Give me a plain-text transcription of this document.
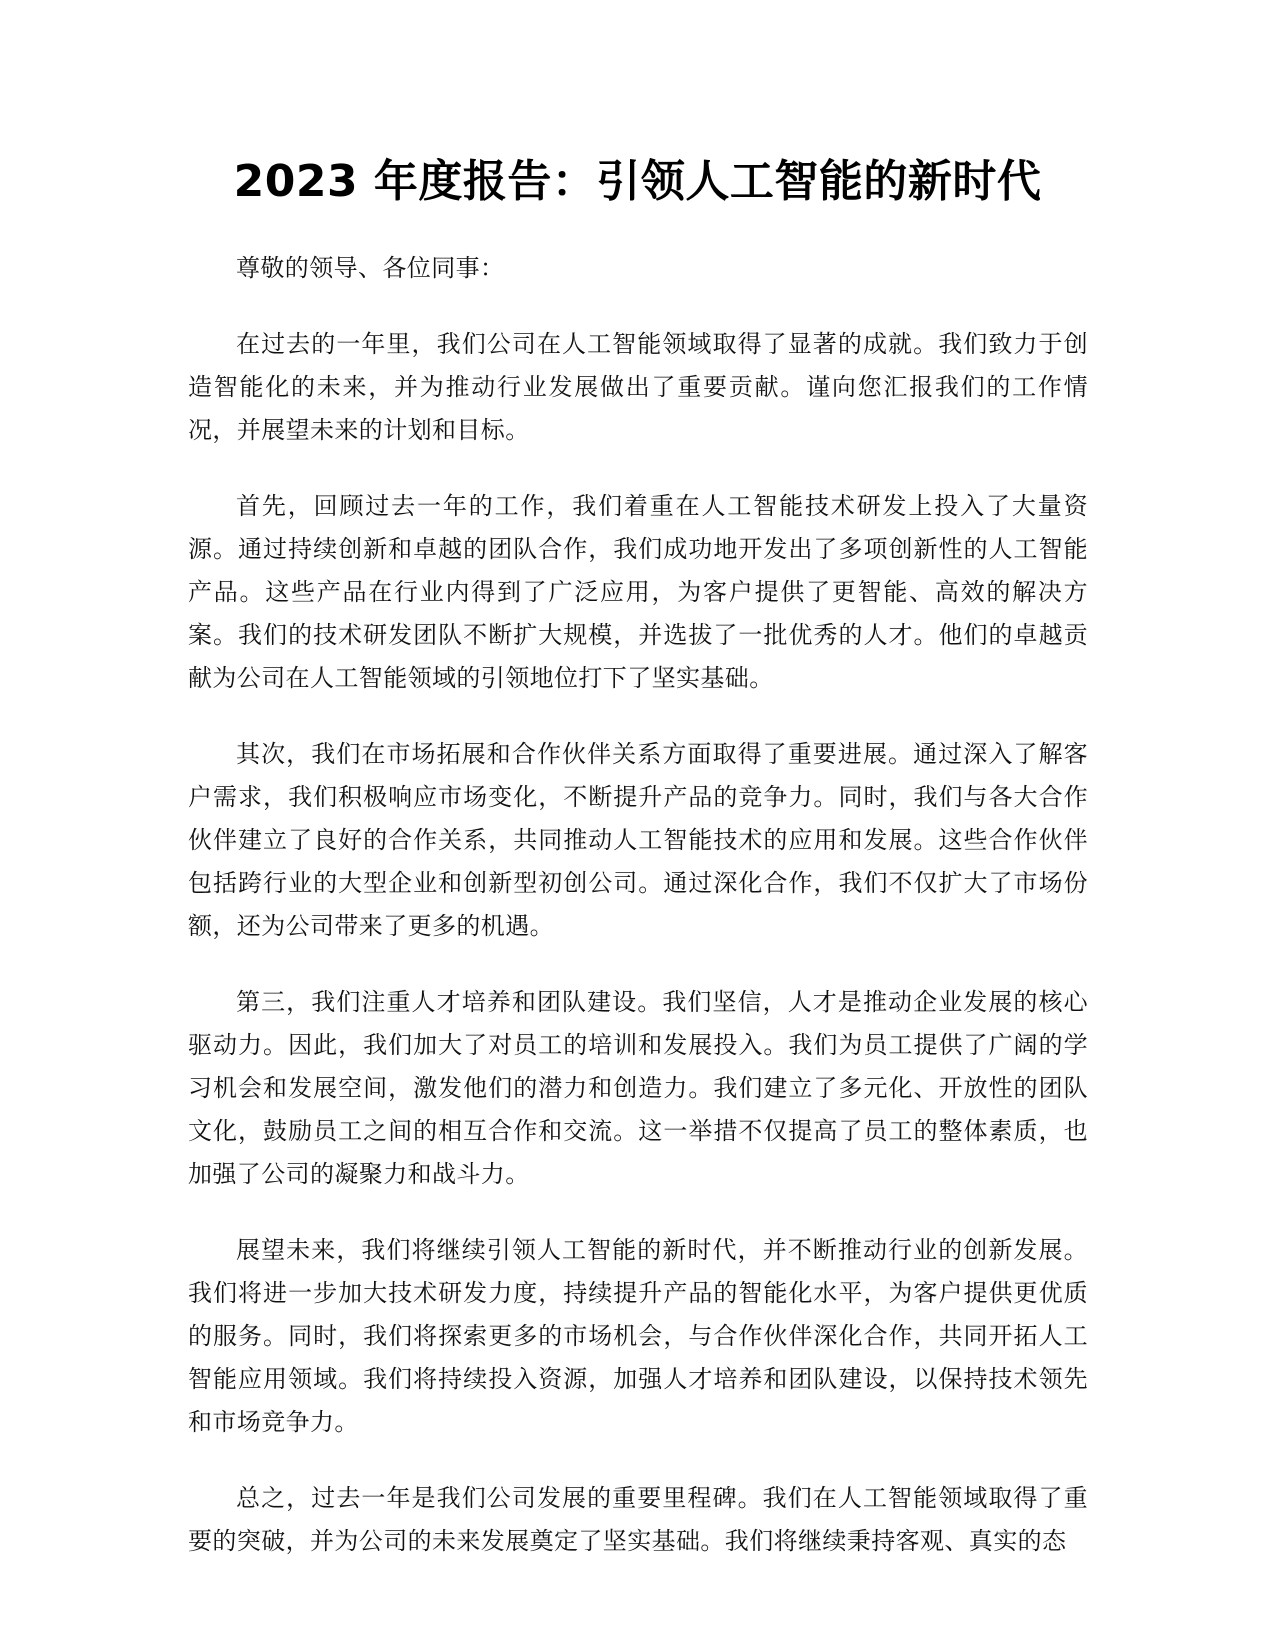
2023 年度报告：引领人工智能的新时代

尊敬的领导、各位同事：

在过去的一年里，我们公司在人工智能领域取得了显著的成就。我们致力于创造智能化的未来，并为推动行业发展做出了重要贡献。谨向您汇报我们的工作情况，并展望未来的计划和目标。

首先，回顾过去一年的工作，我们着重在人工智能技术研发上投入了大量资源。通过持续创新和卓越的团队合作，我们成功地开发出了多项创新性的人工智能产品。这些产品在行业内得到了广泛应用，为客户提供了更智能、高效的解决方案。我们的技术研发团队不断扩大规模，并选拔了一批优秀的人才。他们的卓越贡献为公司在人工智能领域的引领地位打下了坚实基础。

其次，我们在市场拓展和合作伙伴关系方面取得了重要进展。通过深入了解客户需求，我们积极响应市场变化，不断提升产品的竞争力。同时，我们与各大合作伙伴建立了良好的合作关系，共同推动人工智能技术的应用和发展。这些合作伙伴包括跨行业的大型企业和创新型初创公司。通过深化合作，我们不仅扩大了市场份额，还为公司带来了更多的机遇。

第三，我们注重人才培养和团队建设。我们坚信，人才是推动企业发展的核心驱动力。因此，我们加大了对员工的培训和发展投入。我们为员工提供了广阔的学习机会和发展空间，激发他们的潜力和创造力。我们建立了多元化、开放性的团队文化，鼓励员工之间的相互合作和交流。这一举措不仅提高了员工的整体素质，也加强了公司的凝聚力和战斗力。

展望未来，我们将继续引领人工智能的新时代，并不断推动行业的创新发展。我们将进一步加大技术研发力度，持续提升产品的智能化水平，为客户提供更优质的服务。同时，我们将探索更多的市场机会，与合作伙伴深化合作，共同开拓人工智能应用领域。我们将持续投入资源，加强人才培养和团队建设，以保持技术领先和市场竞争力。

总之，过去一年是我们公司发展的重要里程碑。我们在人工智能领域取得了重要的突破，并为公司的未来发展奠定了坚实基础。我们将继续秉持客观、真实的态
